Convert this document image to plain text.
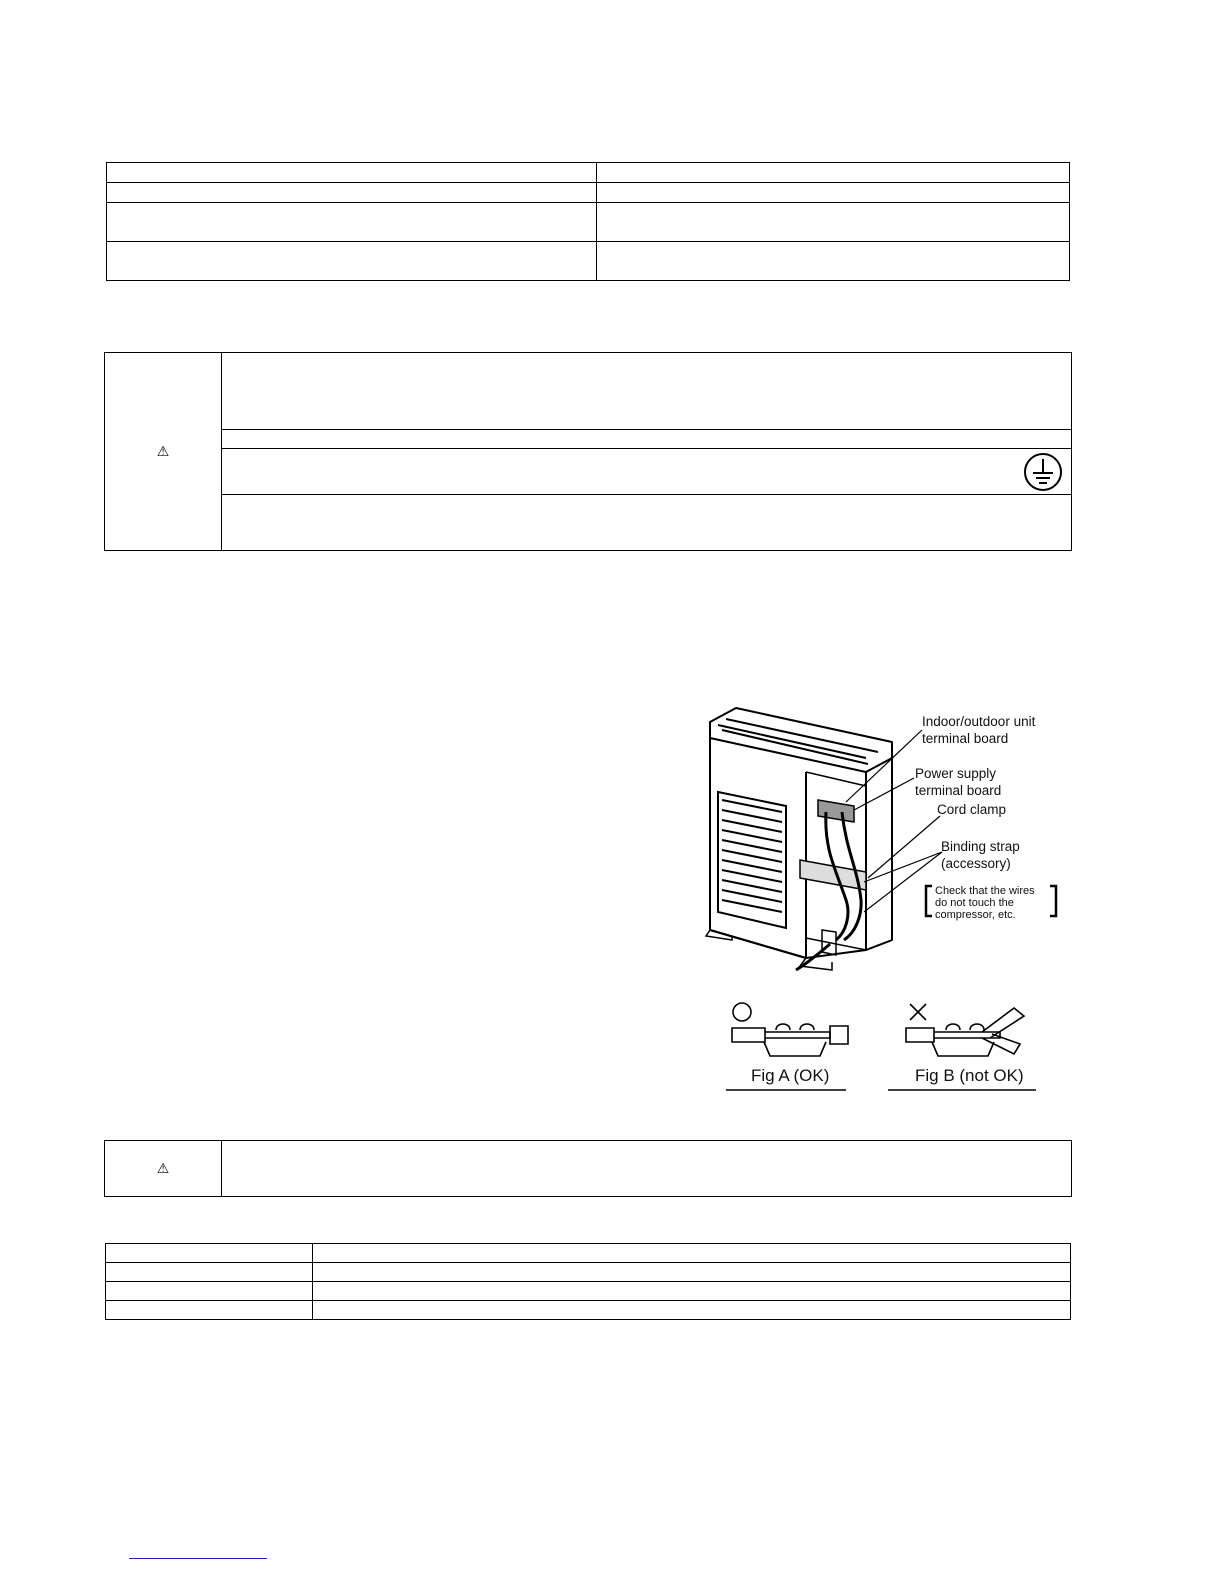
⚠	

Indoor/outdoor unit
terminal board
Power supply
terminal board
Cord clamp
Binding strap
(accessory)
Check that the wires
do not touch the
compressor, etc.
Fig A (OK)	Fig B (not OK)
⚠	
